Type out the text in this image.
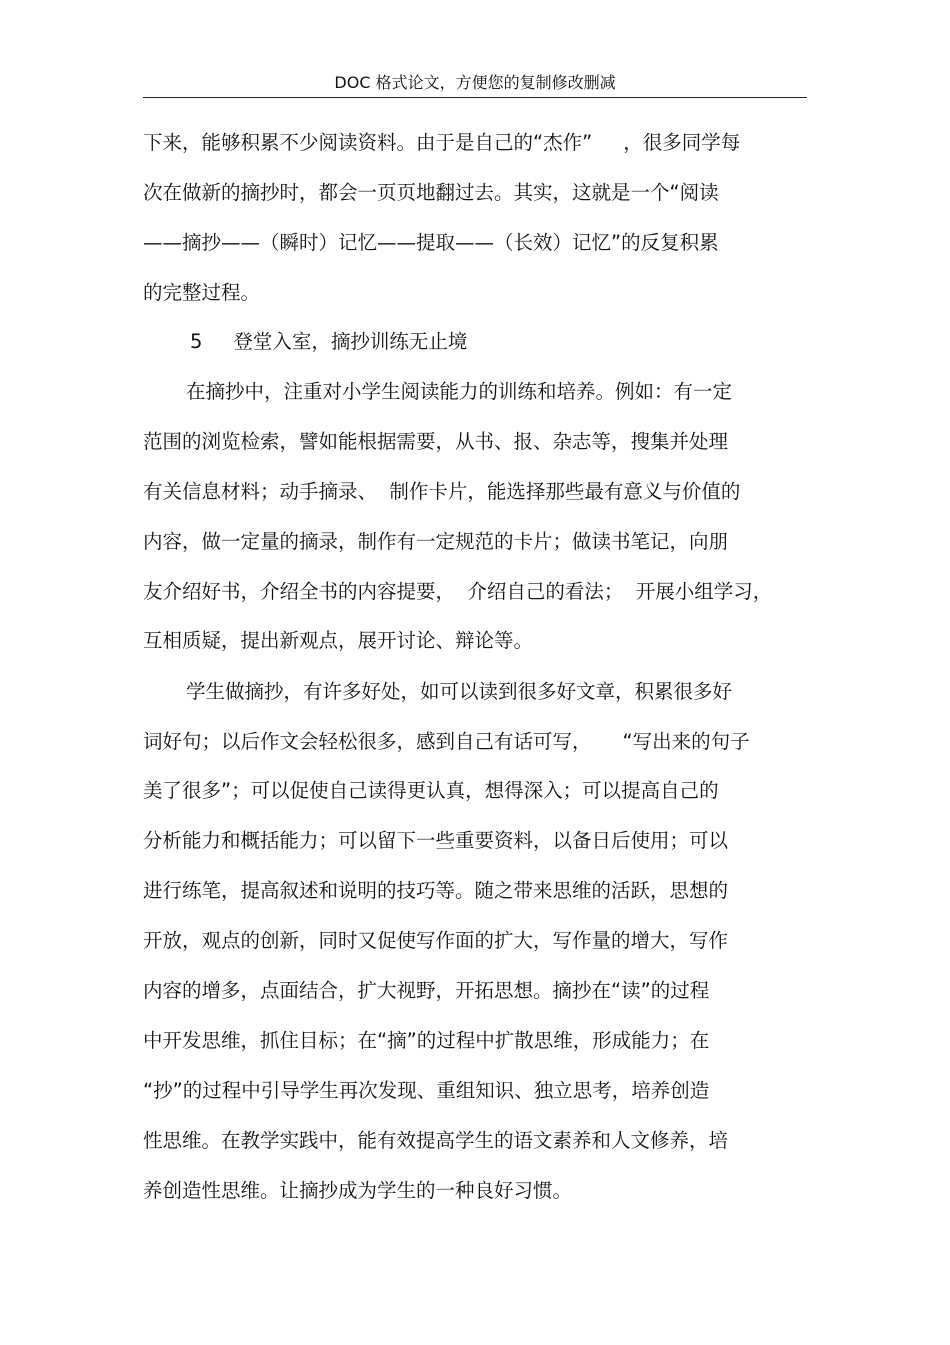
DOC 格式论文，方便您的复制修改删减
下来，能够积累不少阅读资料。由于是自己的“杰作”     ，很多同学每
次在做新的摘抄时，都会一页页地翻过去。其实，这就是一个“阅读
——摘抄——（瞬时）记忆——提取——（长效）记忆”的反复积累
的完整过程。
5     登堂入室，摘抄训练无止境
在摘抄中，注重对小学生阅读能力的训练和培养。例如：有一定
范围的浏览检索，譬如能根据需要，从书、报、杂志等，搜集并处理
有关信息材料；动手摘录、  制作卡片，能选择那些最有意义与价值的
内容，做一定量的摘录，制作有一定规范的卡片；做读书笔记，向朋
友介绍好书，介绍全书的内容提要，  介绍自己的看法；  开展小组学习，
互相质疑，提出新观点，展开讨论、辩论等。
学生做摘抄，有许多好处，如可以读到很多好文章，积累很多好
词好句；以后作文会轻松很多，感到自己有话可写，     “写出来的句子
美了很多”；可以促使自己读得更认真，想得深入；可以提高自己的
分析能力和概括能力；可以留下一些重要资料，以备日后使用；可以
进行练笔，提高叙述和说明的技巧等。随之带来思维的活跃，思想的
开放，观点的创新，同时又促使写作面的扩大，写作量的增大，写作
内容的增多，点面结合，扩大视野，开拓思想。摘抄在“读”的过程
中开发思维，抓住目标；在“摘”的过程中扩散思维，形成能力；在
“抄”的过程中引导学生再次发现、重组知识、独立思考，培养创造
性思维。在教学实践中，能有效提高学生的语文素养和人文修养，培
养创造性思维。让摘抄成为学生的一种良好习惯。
